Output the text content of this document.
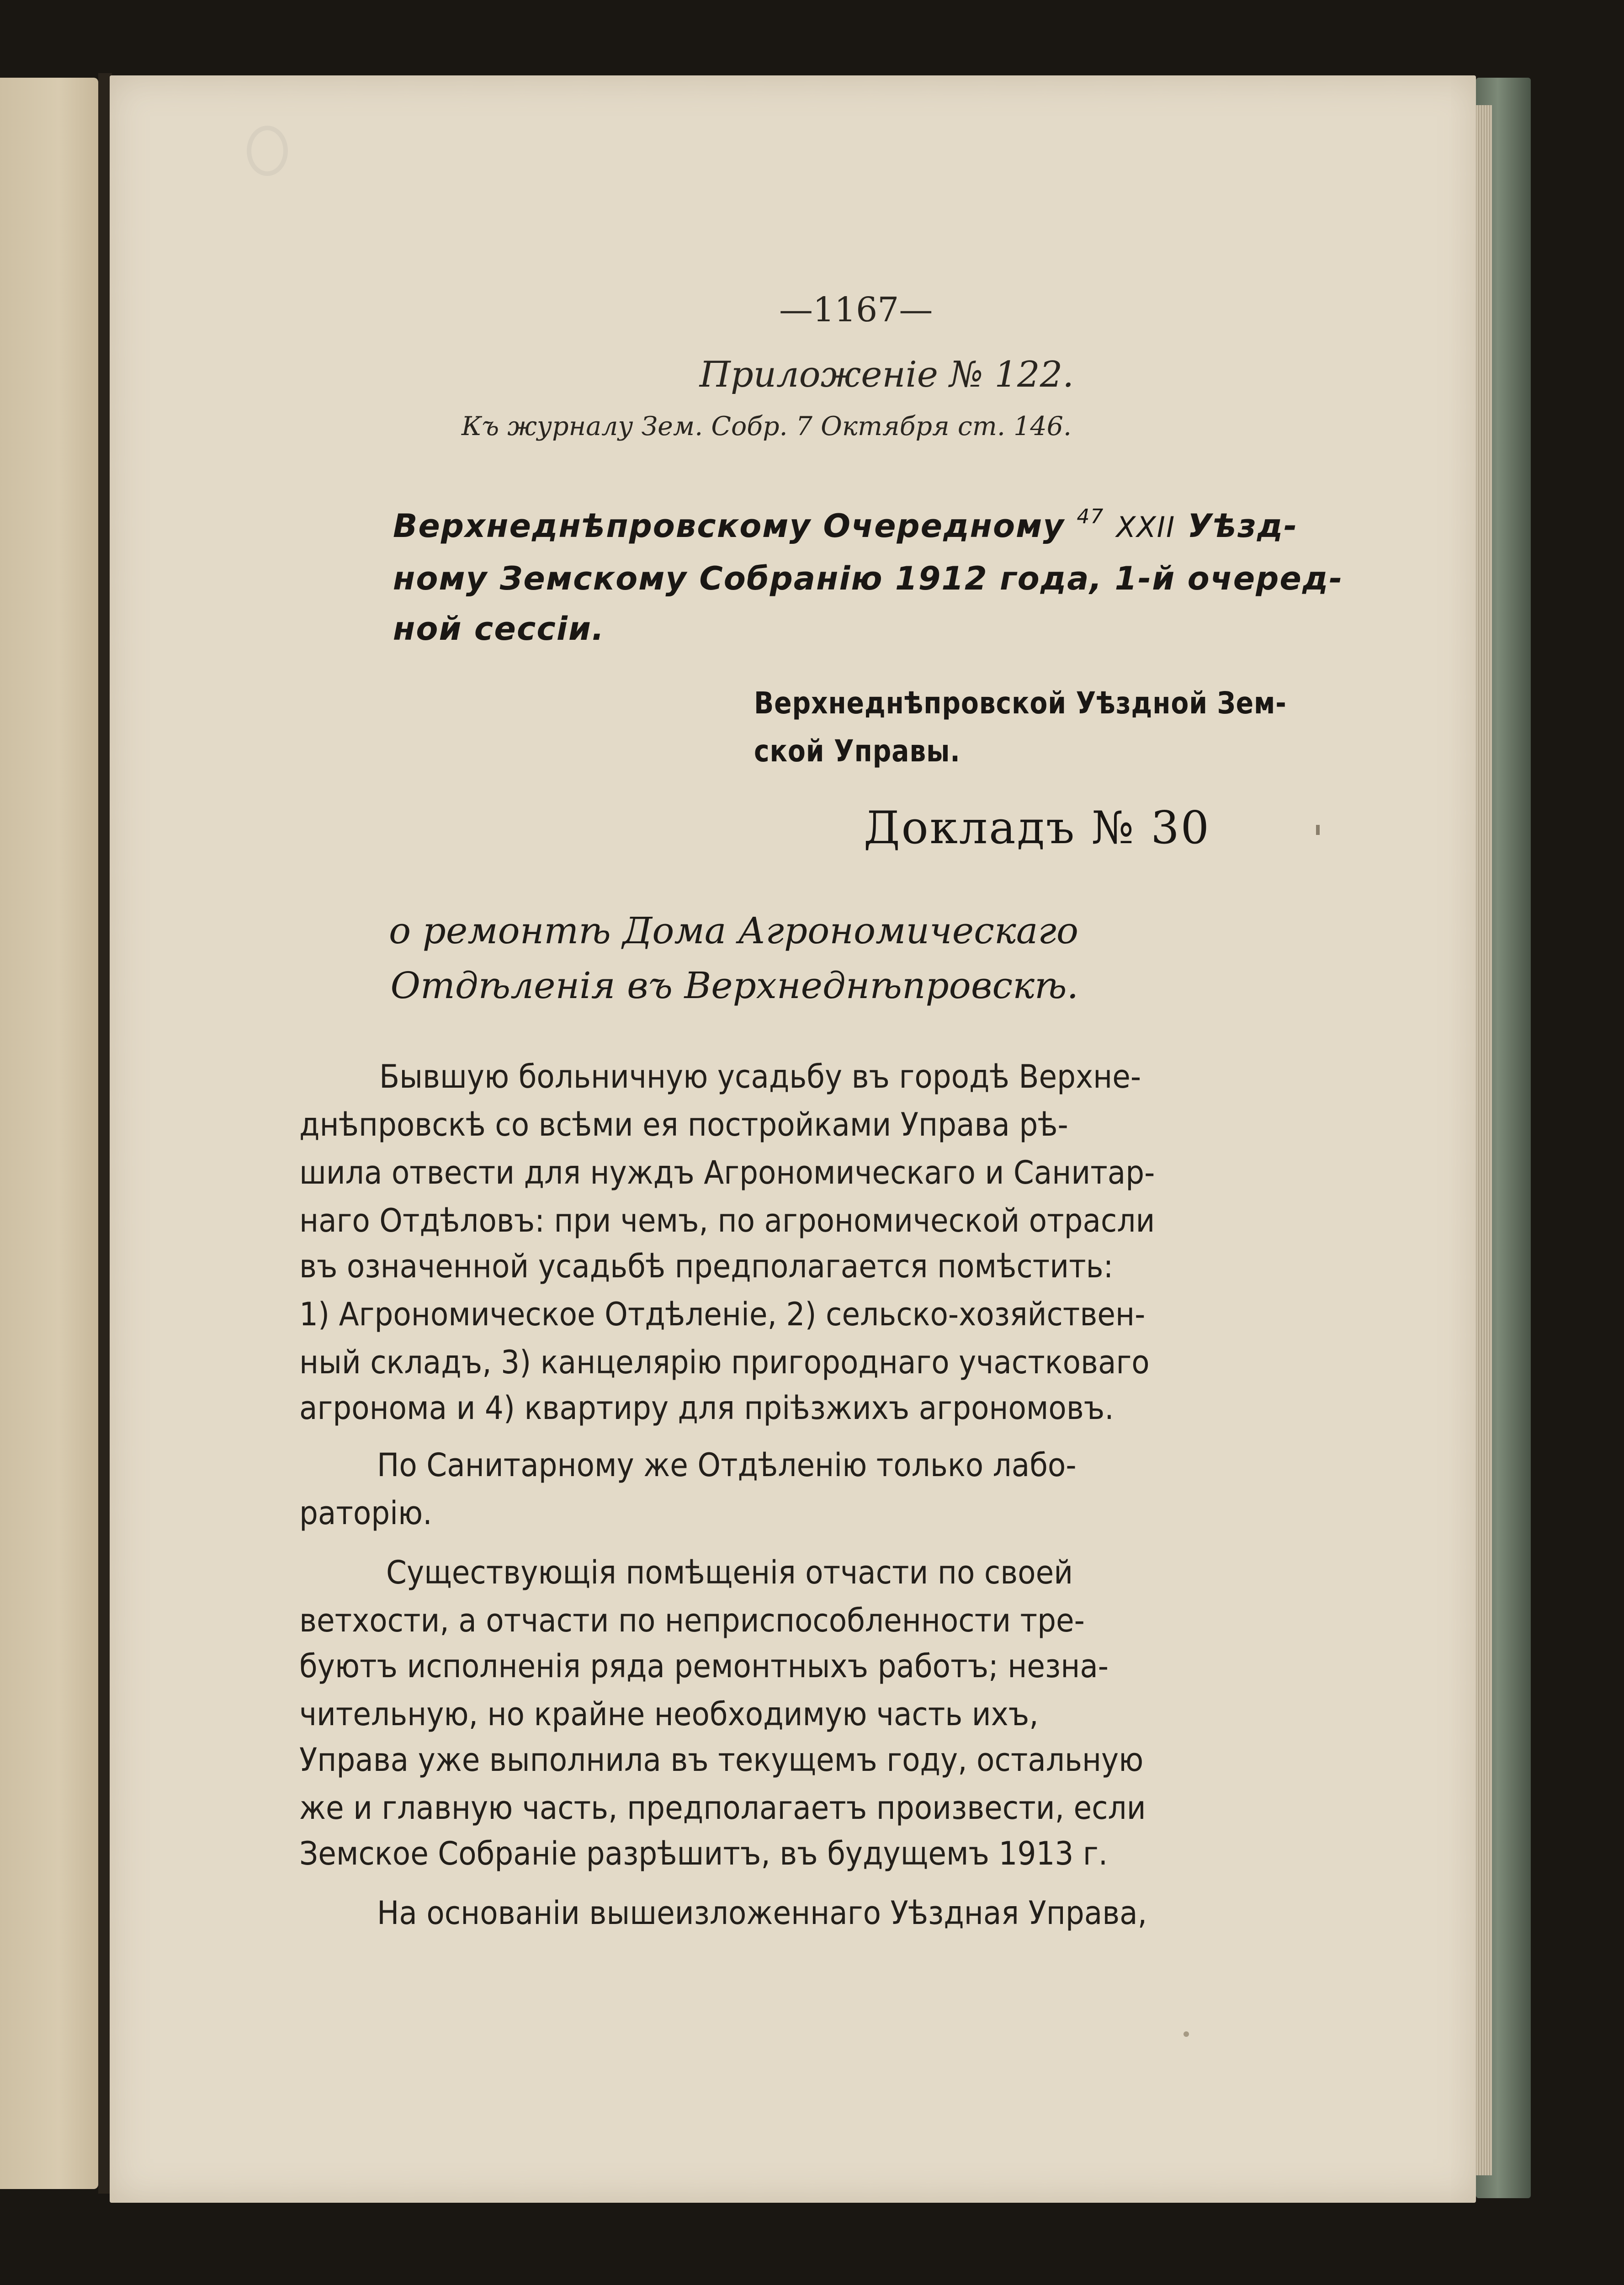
—1167—

Приложеніе № 122.

Къ журналу Зем. Собр. 7 Октября ст. 146.

Верхнеднѣпровскому Очередному $^{47}$ XXII Уѣзд-

ному Земскому Собранію 1912 года, 1-й очеред-

ной сессіи.

Верхнеднѣпровской Уѣздной Зем-

ской Управы.

Докладъ № 30

о ремонтѣ Дома Агрономическаго

Отдѣленія въ Верхнеднѣпровскѣ.

Бывшую больничную усадьбу въ городѣ Верхне-

днѣпровскѣ со всѣми ея постройками Управа рѣ-

шила отвести для нуждъ Агрономическаго и Санитар-

наго Отдѣловъ: при чемъ, по агрономической отрасли

въ означенной усадьбѣ предполагается помѣстить:

1) Агрономическое Отдѣленіе, 2) сельско-хозяйствен-

ный складъ, 3) канцелярію пригороднаго участковаго

агронома и 4) квартиру для пріѣзжихъ агрономовъ.

По Санитарному же Отдѣленію только лабо-

раторію.

Существующія помѣщенія отчасти по своей

ветхости, а отчасти по неприспособленности тре-

буютъ исполненія ряда ремонтныхъ работъ; незна-

чительную, но крайне необходимую часть ихъ,

Управа уже выполнила въ текущемъ году, остальную

же и главную часть, предполагаетъ произвести, если

Земское Собраніе разрѣшитъ, въ будущемъ 1913 г.

На основаніи вышеизложеннаго Уѣздная Управа,
